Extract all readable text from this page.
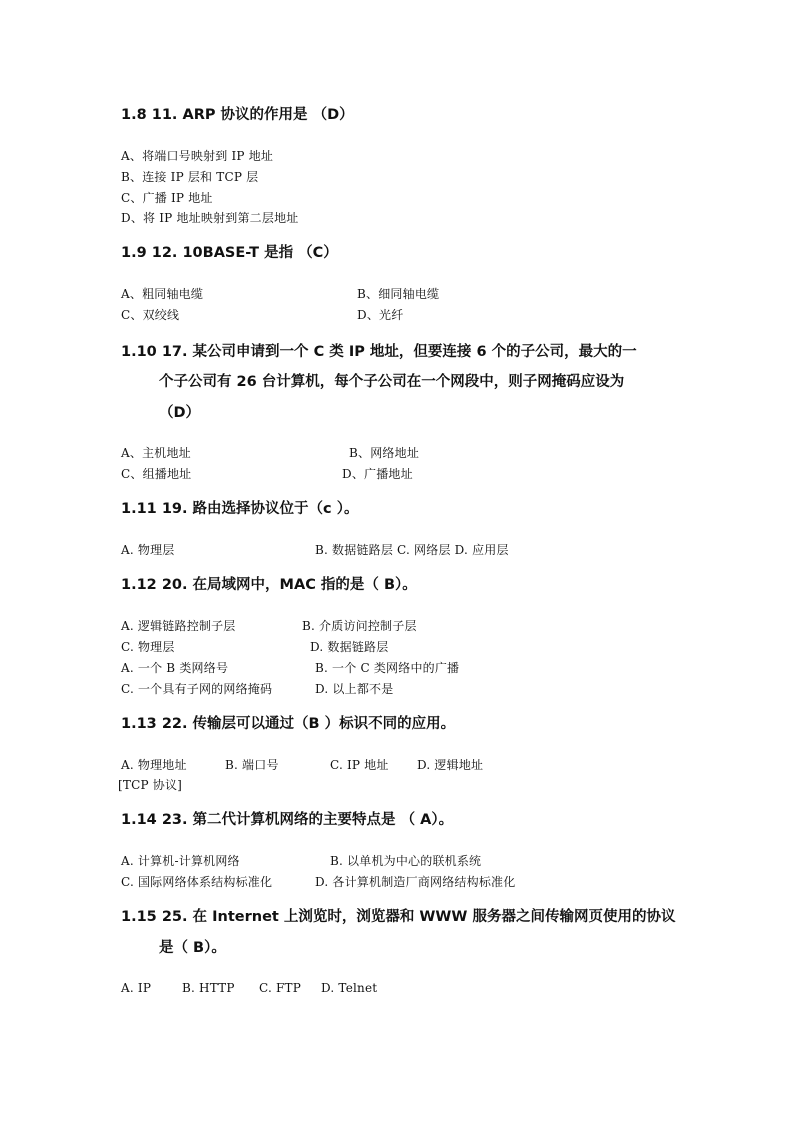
1.8 11. ARP 协议的作用是 （D）
A、将端口号映射到 IP 地址
B、连接 IP 层和 TCP 层
C、广播 IP 地址
D、将 IP 地址映射到第二层地址
1.9 12. 10BASE-T 是指 （C）
A、粗同轴电缆	B、细同轴电缆
C、双绞线	D、光纤
1.10 17. 某公司申请到一个 C 类 IP 地址，但要连接 6 个的子公司，最大的一
个子公司有 26 台计算机，每个子公司在一个网段中，则子网掩码应设为
（D）
A、主机地址	B、网络地址
C、组播地址	D、广播地址
1.11 19. 路由选择协议位于（c ）。
A. 物理层	B. 数据链路层 C. 网络层 D. 应用层
1.12 20. 在局域网中，MAC 指的是（ B）。
A. 逻辑链路控制子层	B. 介质访问控制子层
C. 物理层	D. 数据链路层
A. 一个 B 类网络号	B. 一个 C 类网络中的广播
C. 一个具有子网的网络掩码	D. 以上都不是
1.13 22. 传输层可以通过（B ）标识不同的应用。
A. 物理地址	B. 端口号	C. IP 地址 D. 逻辑地址
[TCP 协议]
1.14 23. 第二代计算机网络的主要特点是 （ A）。
A. 计算机-计算机网络	B. 以单机为中心的联机系统
C. 国际网络体系结构标准化	D. 各计算机制造厂商网络结构标准化
1.15 25. 在 Internet 上浏览时，浏览器和 WWW 服务器之间传输网页使用的协议
是（ B）。
A. IP	B. HTTP C. FTP D. Telnet
